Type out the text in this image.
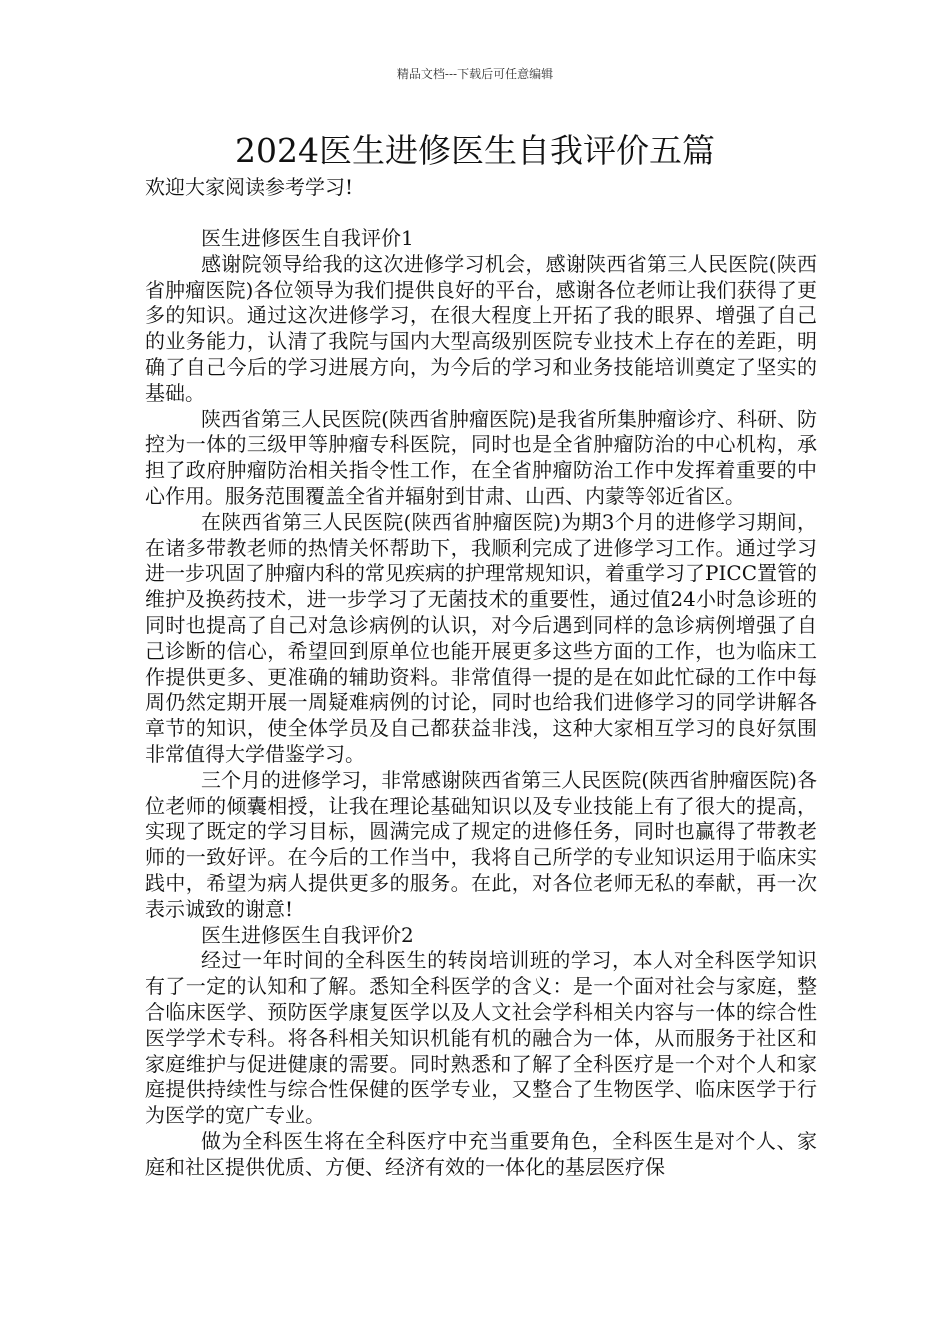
精品文档---下载后可任意编辑
2024医生进修医生自我评价五篇

欢迎大家阅读参考学习!

医生进修医生自我评价1

感谢院领导给我的这次进修学习机会，感谢陕西省第三人民医院(陕西省肿瘤医院)各位领导为我们提供良好的平台，感谢各位老师让我们获得了更多的知识。通过这次进修学习，在很大程度上开拓了我的眼界、增强了自己的业务能力，认清了我院与国内大型高级别医院专业技术上存在的差距，明确了自己今后的学习进展方向，为今后的学习和业务技能培训奠定了坚实的基础。

陕西省第三人民医院(陕西省肿瘤医院)是我省所集肿瘤诊疗、科研、防控为一体的三级甲等肿瘤专科医院，同时也是全省肿瘤防治的中心机构，承担了政府肿瘤防治相关指令性工作，在全省肿瘤防治工作中发挥着重要的中心作用。服务范围覆盖全省并辐射到甘肃、山西、内蒙等邻近省区。

在陕西省第三人民医院(陕西省肿瘤医院)为期3个月的进修学习期间，在诸多带教老师的热情关怀帮助下，我顺利完成了进修学习工作。通过学习进一步巩固了肿瘤内科的常见疾病的护理常规知识，着重学习了PICC置管的维护及换药技术，进一步学习了无菌技术的重要性，通过值24小时急诊班的同时也提高了自己对急诊病例的认识，对今后遇到同样的急诊病例增强了自己诊断的信心，希望回到原单位也能开展更多这些方面的工作，也为临床工作提供更多、更准确的辅助资料。非常值得一提的是在如此忙碌的工作中每周仍然定期开展一周疑难病例的讨论，同时也给我们进修学习的同学讲解各章节的知识，使全体学员及自己都获益非浅，这种大家相互学习的良好氛围非常值得大学借鉴学习。

三个月的进修学习，非常感谢陕西省第三人民医院(陕西省肿瘤医院)各位老师的倾囊相授，让我在理论基础知识以及专业技能上有了很大的提高，实现了既定的学习目标，圆满完成了规定的进修任务，同时也赢得了带教老师的一致好评。在今后的工作当中，我将自己所学的专业知识运用于临床实践中，希望为病人提供更多的服务。在此，对各位老师无私的奉献，再一次表示诚致的谢意!

医生进修医生自我评价2

经过一年时间的全科医生的转岗培训班的学习，本人对全科医学知识有了一定的认知和了解。悉知全科医学的含义：是一个面对社会与家庭，整合临床医学、预防医学康复医学以及人文社会学科相关内容与一体的综合性医学学术专科。将各科相关知识机能有机的融合为一体，从而服务于社区和家庭维护与促进健康的需要。同时熟悉和了解了全科医疗是一个对个人和家庭提供持续性与综合性保健的医学专业，又整合了生物医学、临床医学于行为医学的宽广专业。

做为全科医生将在全科医疗中充当重要角色，全科医生是对个人、家庭和社区提供优质、方便、经济有效的一体化的基层医疗保
